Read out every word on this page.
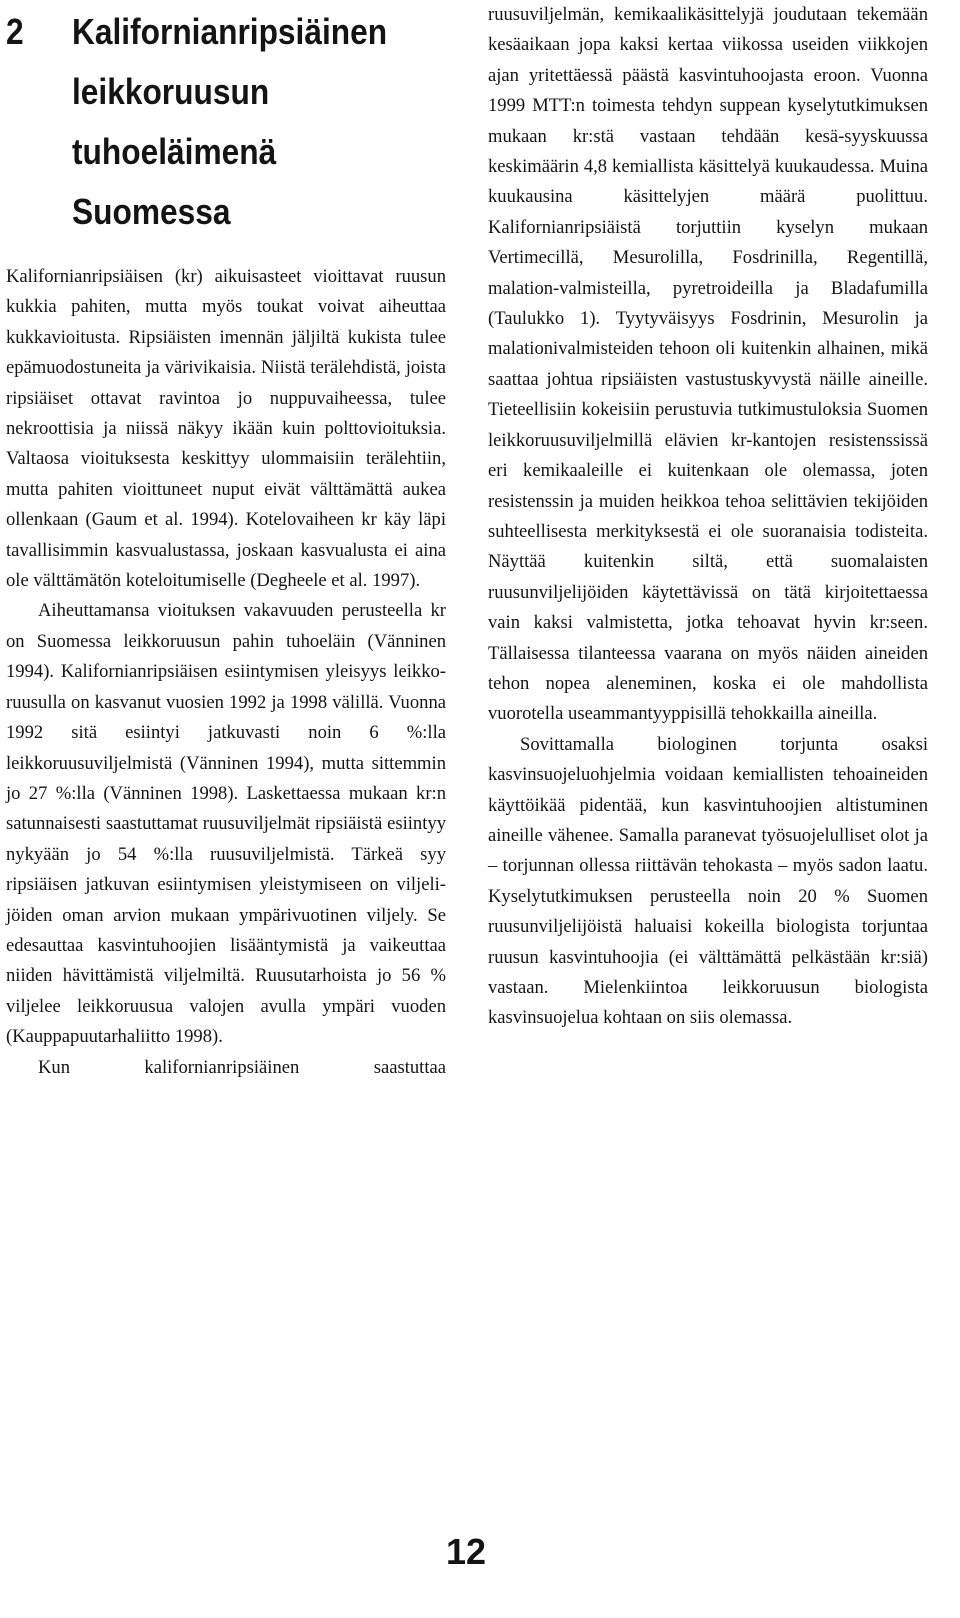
2 Kalifornianripsiäinen
leikkoruusun
tuhoeläimenä
Suomessa

Kalifornianripsiäisen (kr) aikuisasteet vioittavat ruusun kukkia pahiten, mutta myös toukat voivat aiheuttaa kukkavioitusta. Ripsiäisten imennän jäljiltä kukista tulee epämuodostuneita ja värivikaisia. Niistä terälehdistä, joista ripsiäiset ottavat ravintoa jo nuppuvaiheessa, tulee nekroottisia ja niissä näkyy ikään kuin polttovioituksia. Valtaosa vioituksesta keskittyy ulommaisiin terälehtiin, mutta pahiten vioittuneet nuput eivät välttämättä aukea ollenkaan (Gaum et al. 1994). Kotelovaiheen kr käy läpi tavallisimmin kasvualustassa, joskaan kasvualusta ei aina ole välttämätön koteloitumiselle (Degheele et al. 1997).

Aiheuttamansa vioituksen vakavuuden perusteella kr on Suomessa leikkoruusun pahin tuhoeläin (Vänninen 1994). Kalifornianripsiäisen esiintymisen yleisyys leikkoruusulla on kasvanut vuosien 1992 ja 1998 välillä. Vuonna 1992 sitä esiintyi jatkuvasti noin 6 %:lla leikkoruusuviljelmistä (Vänninen 1994), mutta sittemmin jo 27 %:lla (Vänninen 1998). Laskettaessa mukaan kr:n satunnaisesti saastuttamat ruusuviljelmät ripsiäistä esiintyy nykyään jo 54 %:lla ruusuviljelmistä. Tärkeä syy ripsiäisen jatkuvan esiintymisen yleistymiseen on viljelijöiden oman arvion mukaan ympärivuotinen viljely. Se edesauttaa kasvintuhoojien lisääntymistä ja vaikeuttaa niiden hävittämistä viljelmiltä. Ruusutarhoista jo 56 % viljelee leikkoruusua valojen avulla ympäri vuoden (Kauppapuutarhaliitto 1998).

Kun kalifornianripsiäinen saastuttaa

ruusuviljelmän, kemikaalikäsittelyjä joudutaan tekemään kesäaikaan jopa kaksi kertaa viikossa useiden viikkojen ajan yritettäessä päästä kasvintuhoojasta eroon. Vuonna 1999 MTT:n toimesta tehdyn suppean kyselytutkimuksen mukaan kr:stä vastaan tehdään kesä-syyskuussa keskimäärin 4,8 kemiallista käsittelyä kuukaudessa. Muina kuukausina käsittelyjen määrä puolittuu. Kalifornianripsiäistä torjuttiin kyselyn mukaan Vertimecillä, Mesurolilla, Fosdrinilla, Regentillä, malation-valmisteilla, pyretroideilla ja Bladafumilla (Taulukko 1). Tyytyväisyys Fosdrinin, Mesurolin ja malationivalmisteiden tehoon oli kuitenkin alhainen, mikä saattaa johtua ripsiäisten vastustuskyvystä näille aineille. Tieteellisiin kokeisiin perustuvia tutkimustuloksia Suomen leikkoruusuviljelmillä elävien kr-kantojen resistenssissä eri kemikaaleille ei kuitenkaan ole olemassa, joten resistenssin ja muiden heikkoa tehoa selittävien tekijöiden suhteellisesta merkityksestä ei ole suoranaisia todisteita. Näyttää kuitenkin siltä, että suomalaisten ruusunviljelijöiden käytettävissä on tätä kirjoitettaessa vain kaksi valmistetta, jotka tehoavat hyvin kr:seen. Tällaisessa tilanteessa vaarana on myös näiden aineiden tehon nopea aleneminen, koska ei ole mahdollista vuorotella useammantyyppisillä tehokkailla aineilla.

Sovittamalla biologinen torjunta osaksi kasvinsuojeluohjelmia voidaan kemiallisten tehoaineiden käyttöikää pidentää, kun kasvintuhoojien altistuminen aineille vähenee. Samalla paranevat työsuojelulliset olot ja – torjunnan ollessa riittävän tehokasta – myös sadon laatu. Kyselytutkimuksen perusteella noin 20 % Suomen ruusunviljelijöistä haluaisi kokeilla biologista torjuntaa ruusun kasvintuhoojia (ei välttämättä pelkästään kr:siä) vastaan. Mielenkiintoa leikkoruusun biologista kasvinsuojelua kohtaan on siis olemassa.

12
